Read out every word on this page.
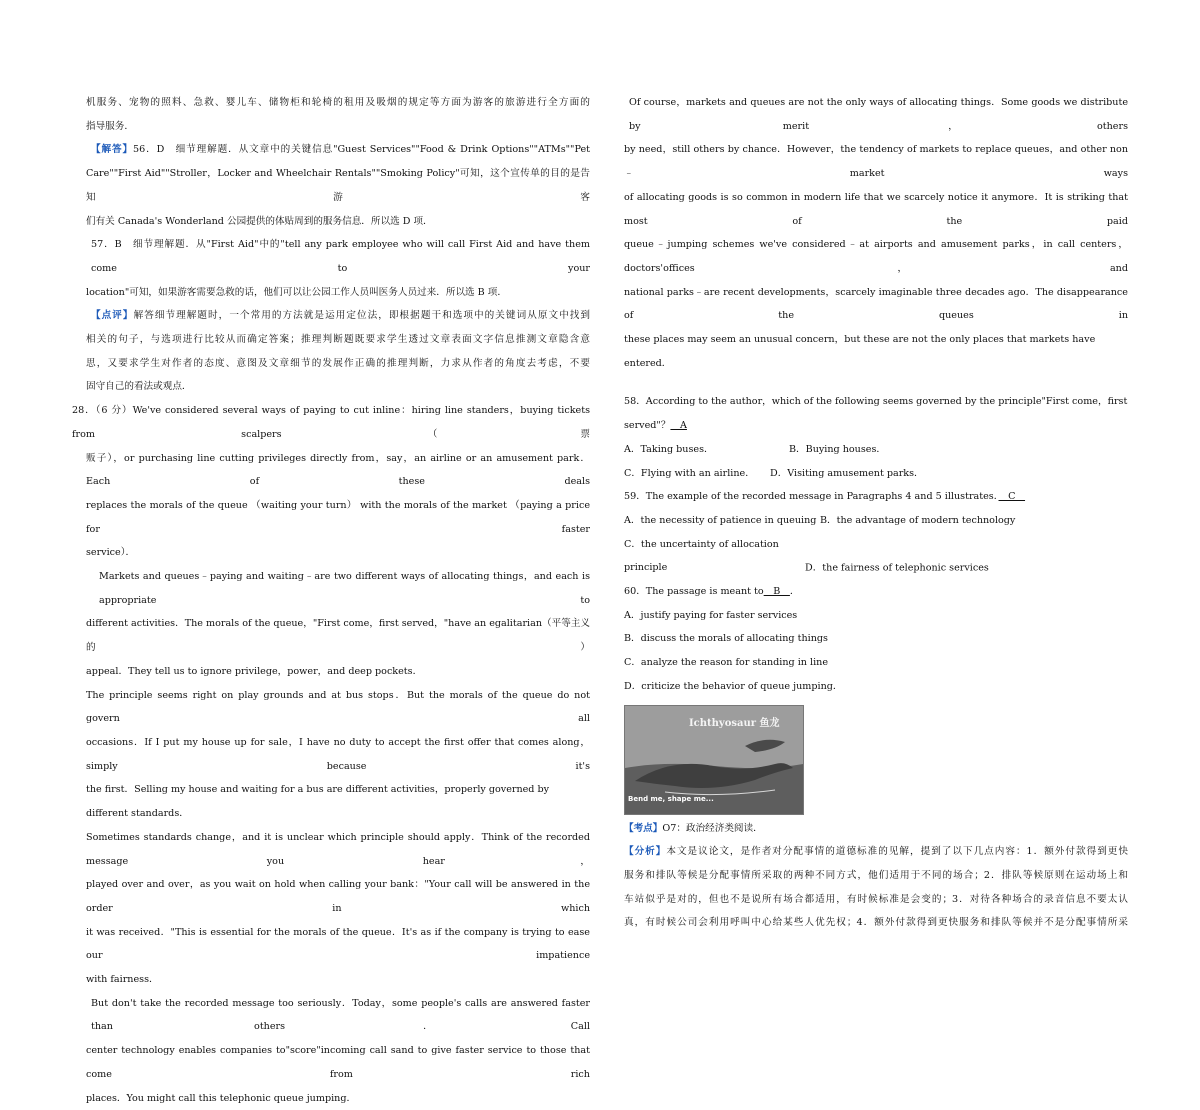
机服务、宠物的照料、急救、婴儿车、储物柜和轮椅的租用及吸烟的规定等方面为游客的旅游进行全方面的

指导服务．

【解答】56．D　细节理解题．从文章中的关键信息"Guest Services""Food & Drink Options""ATMs""Pet

Care""First Aid""Stroller，Locker and Wheelchair Rentals""Smoking Policy"可知，这个宣传单的目的是告知游客

们有关 Canada's Wonderland 公园提供的体贴周到的服务信息．所以选 D 项．

57．B　细节理解题．从"First Aid"中的"tell any park employee who will call First Aid and have them come to your

location"可知，如果游客需要急救的话，他们可以让公园工作人员叫医务人员过来．所以选 B 项．

【点评】解答细节理解题时，一个常用的方法就是运用定位法，即根据题干和选项中的关键词从原文中找到

相关的句子，与选项进行比较从而确定答案；推理判断题既要求学生透过文章表面文字信息推测文章隐含意

思，又要求学生对作者的态度、意图及文章细节的发展作正确的推理判断，力求从作者的角度去考虑，不要

固守自己的看法或观点．

28．（6 分）We've considered several ways of paying to cut inline：hiring line standers，buying tickets from scalpers （票

贩子），or purchasing line cutting privileges directly from，say，an airline or an amusement park．Each of these deals

replaces the morals of the queue （waiting your turn） with the morals of the market （paying a price for faster

service）．

Markets and queues﹣paying and waiting﹣are two different ways of allocating things，and each is appropriate to

different activities．The morals of the queue，"First come，first served，"have an egalitarian（平等主义的）

appeal．They tell us to ignore privilege，power，and deep pockets．

The principle seems right on play grounds and at bus stops．But the morals of the queue do not govern all

occasions．If I put my house up for sale，I have no duty to accept the first offer that comes along，simply because it's

the first．Selling my house and waiting for a bus are different activities，properly governed by different standards．

Sometimes standards change，and it is unclear which principle should apply．Think of the recorded message you hear，

played over and over，as you wait on hold when calling your bank："Your call will be answered in the order in which

it was received．"This is essential for the morals of the queue．It's as if the company is trying to ease our impatience

with fairness．

But don't take the recorded message too seriously．Today，some people's calls are answered faster than others．Call

center technology enables companies to"score"incoming call sand to give faster service to those that come from rich

places．You might call this telephonic queue jumping．

Of course，markets and queues are not the only ways of allocating things．Some goods we distribute by merit，others

by need，still others by chance．However，the tendency of markets to replace queues，and other non﹣market ways

of allocating goods is so common in modern life that we scarcely notice it anymore．It is striking that most of the paid

queue﹣jumping schemes we've considered﹣at airports and amusement parks，in call centers，doctors'offices，and

national parks﹣are recent developments，scarcely imaginable three decades ago．The disappearance of the queues in

these places may seem an unusual concern，but these are not the only places that markets have entered．

58．According to the author，which of the following seems governed by the principle"First come，first served"？　A

A．Taking buses．	B．Buying houses．

C．Flying with an airline． D．Visiting amusement parks．

59．The example of the recorded message in Paragraphs 4 and 5 illustrates．　C　

A．the necessity of patience in queuing B．the advantage of modern technology

C．the uncertainty of allocation principle	D．the fairness of telephonic services

60．The passage is meant to　B　．

A．justify paying for faster services

B．discuss the morals of allocating things

C．analyze the reason for standing in line

D．criticize the behavior of queue jumping．

Ichthyosaur 鱼龙
Bend me, shape me...

【考点】O7：政治经济类阅读．

【分析】本文是议论文，是作者对分配事情的道德标准的见解，提到了以下几点内容：1．额外付款得到更快

服务和排队等候是分配事情所采取的两种不同方式，他们适用于不同的场合；2．排队等候原则在运动场上和

车站似乎是对的，但也不是说所有场合都适用，有时候标准是会变的；3．对待各种场合的录音信息不要太认

真，有时候公司会利用呼叫中心给某些人优先权；4．额外付款得到更快服务和排队等候并不是分配事情所采
